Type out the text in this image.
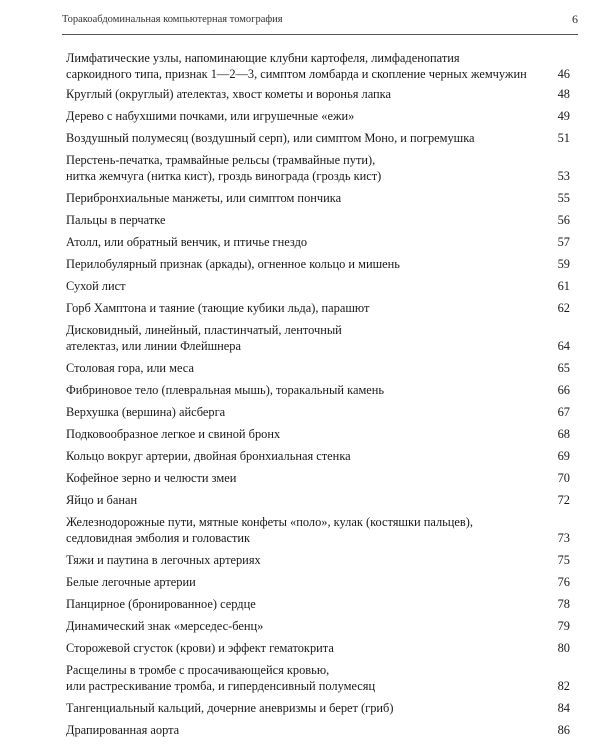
Торакоабдоминальная компьютерная томография	6
Лимфатические узлы, напоминающие клубни картофеля, лимфаденопатия
саркоидного типа, признак 1—2—3, симптом ломбарда и скопление черных жемчужин 46
Круглый (округлый) ателектаз, хвост кометы и воронья лапка	48
Дерево с набухшими почками, или игрушечные «ежи»	49
Воздушный полумесяц (воздушный серп), или симптом Моно, и погремушка	51
Перстень-печатка, трамвайные рельсы (трамвайные пути),
нитка жемчуга (нитка кист), гроздь винограда (гроздь кист)	53
Перибронхиальные манжеты, или симптом пончика	55
Пальцы в перчатке	56
Атолл, или обратный венчик, и птичье гнездо	57
Перилобулярный признак (аркады), огненное кольцо и мишень	59
Сухой лист	61
Горб Хамптона и таяние (тающие кубики льда), парашют	62
Дисковидный, линейный, пластинчатый, ленточный
ателектаз, или линии Флейшнера	64
Столовая гора, или меса	65
Фибриновое тело (плевральная мышь), торакальный камень	66
Верхушка (вершина) айсберга	67
Подковообразное легкое и свиной бронх	68
Кольцо вокруг артерии, двойная бронхиальная стенка	69
Кофейное зерно и челюсти змеи	70
Яйцо и банан	72
Железнодорожные пути, мятные конфеты «поло», кулак (костяшки пальцев),
седловидная эмболия и головастик	73
Тяжи и паутина в легочных артериях	75
Белые легочные артерии	76
Панцирное (бронированное) сердце	78
Динамический знак «мерседес-бенц»	79
Сторожевой сгусток (крови) и эффект гематокрита	80
Расщелины в тромбе с просачивающейся кровью,
или растрескивание тромба, и гиперденсивный полумесяц	82
Тангенциальный кальций, дочерние аневризмы и берет (гриб)	84
Драпированная аорта	86
